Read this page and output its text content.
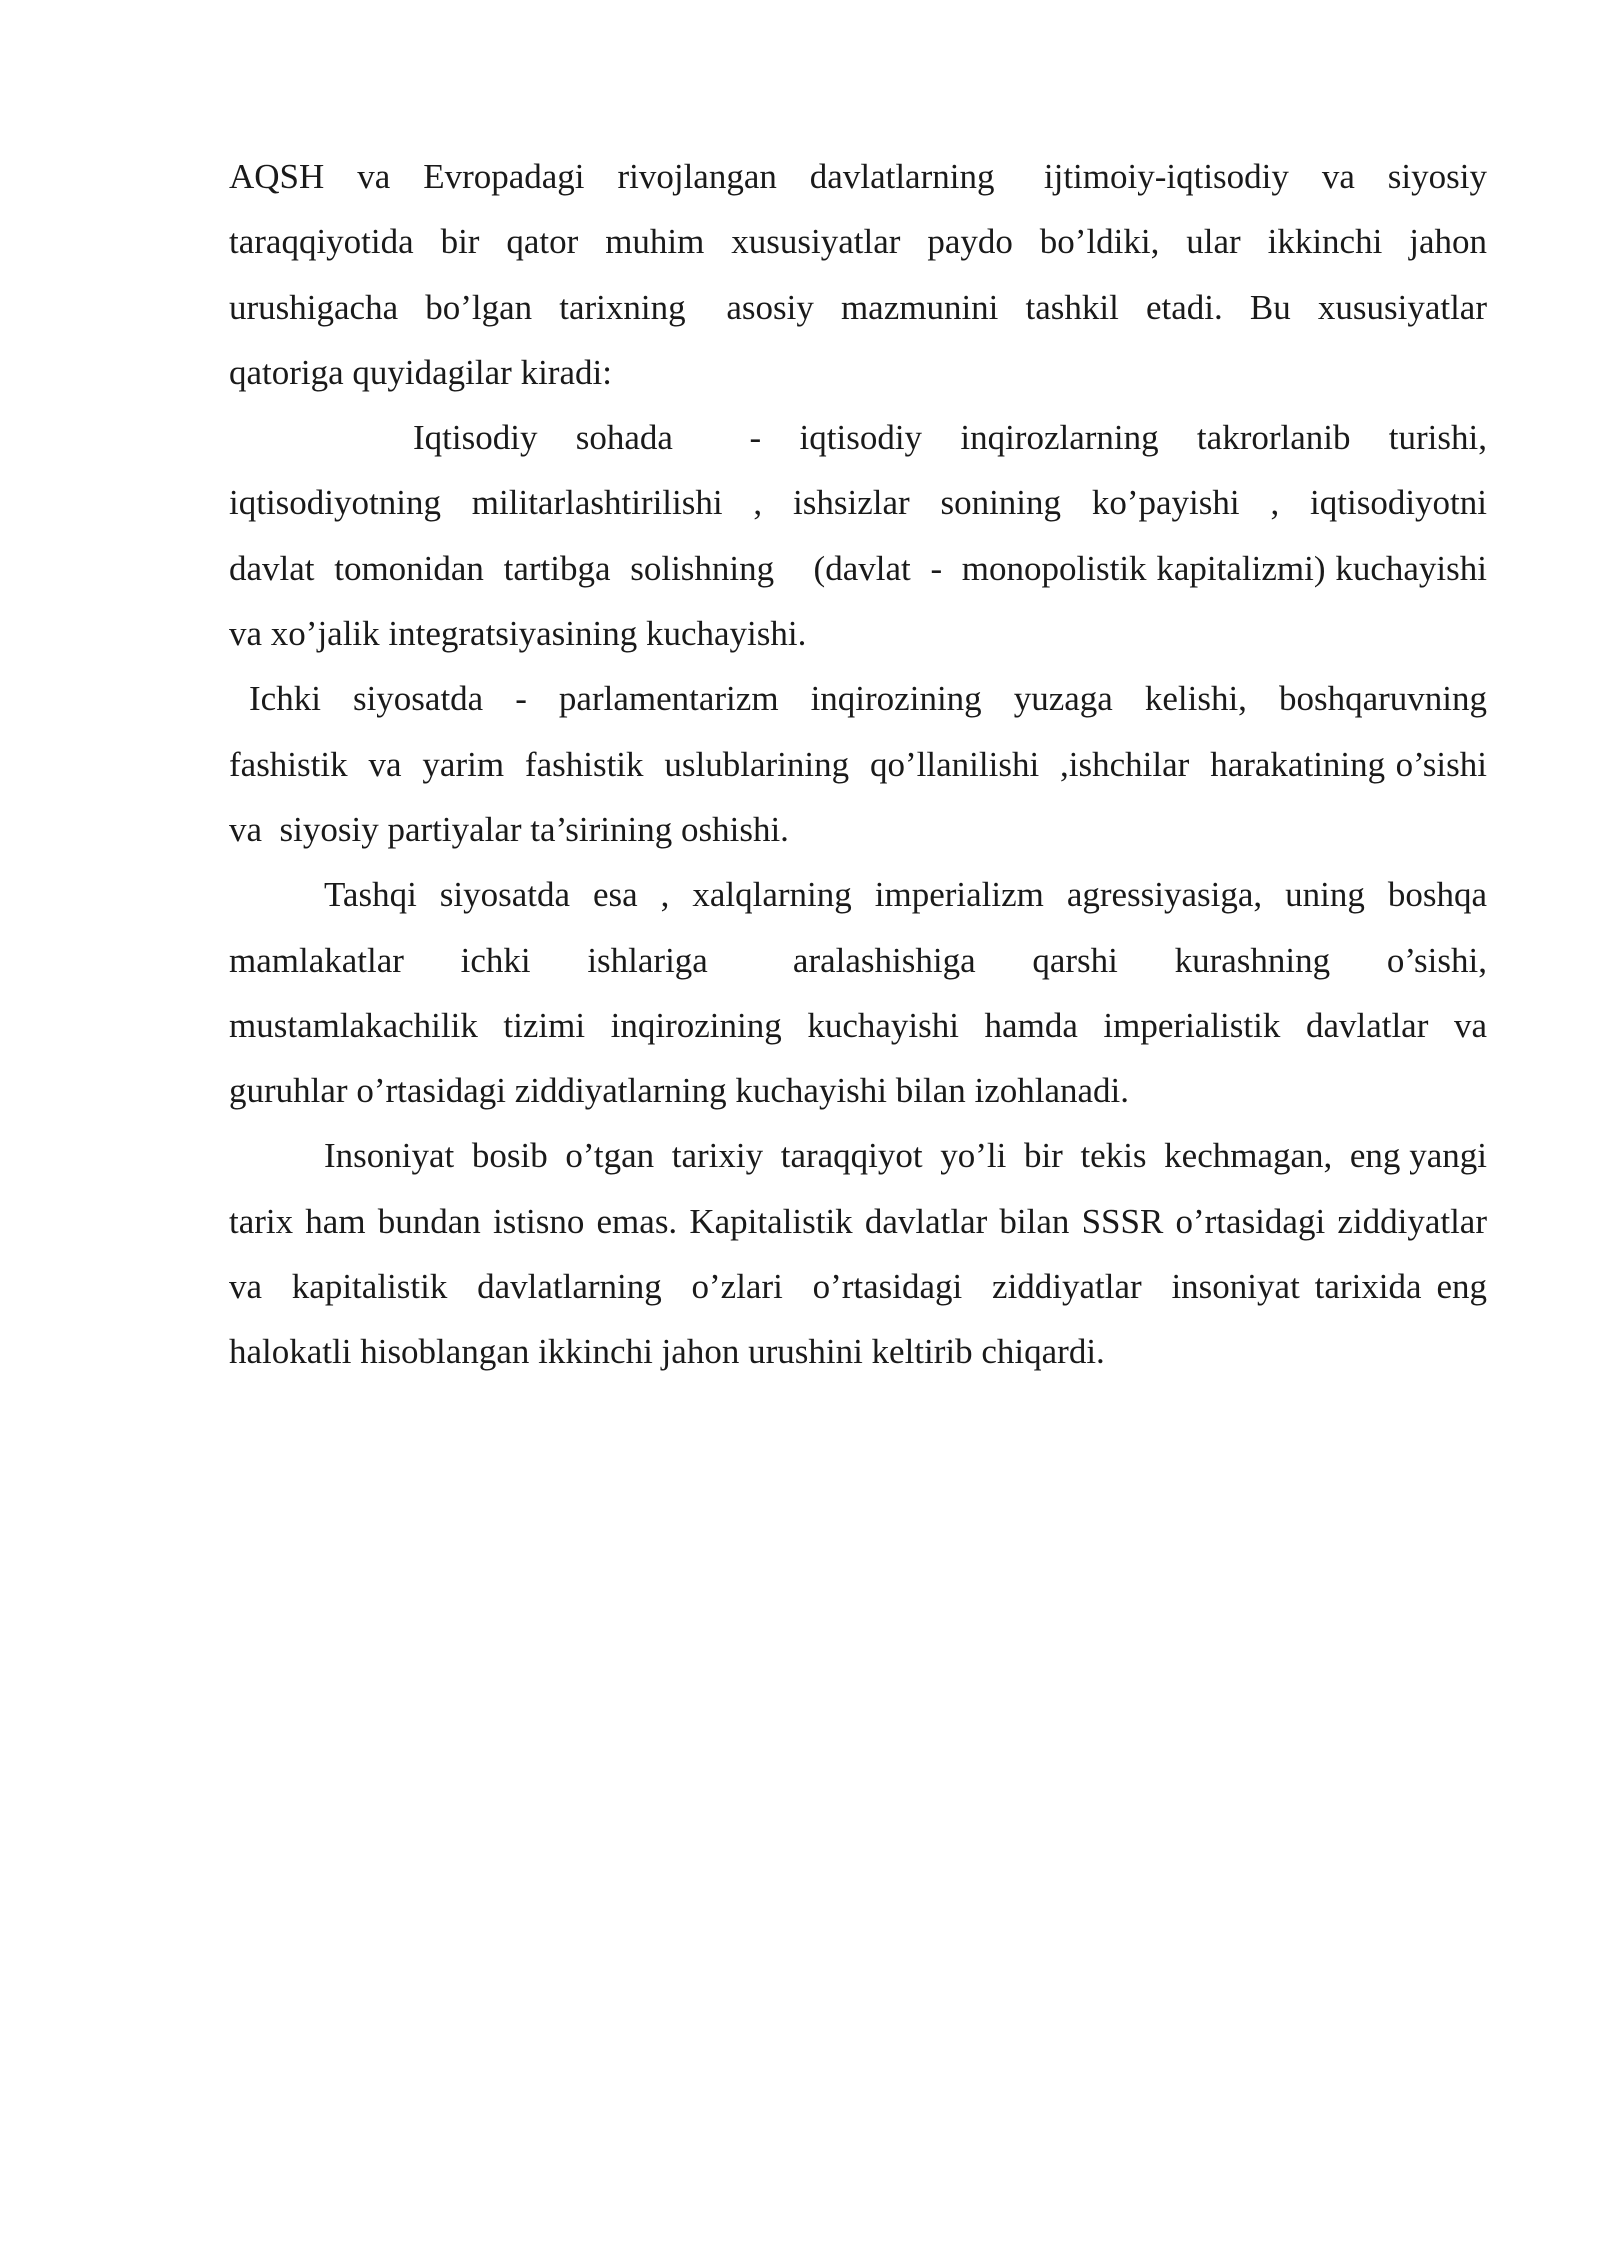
AQSH  va  Evropadagi  rivojlangan  davlatlarning   ijtimoiy-iqtisodiy  va  siyosiy taraqqiyotida  bir  qator  muhim  xususiyatlar  paydo  bo’ldiki,  ular  ikkinchi  jahon urushigacha  bo’lgan  tarixning   asosiy  mazmunini  tashkil  etadi.  Bu  xususiyatlar qatoriga quyidagilar kiradi:

Iqtisodiy  sohada    -  iqtisodiy  inqirozlarning  takrorlanib  turishi, iqtisodiyotning  militarlashtirilishi  ,  ishsizlar  sonining  ko’payishi  ,  iqtisodiyotni davlat  tomonidan  tartibga  solishning    (davlat  -  monopolistik kapitalizmi) kuchayishi va xo’jalik integratsiyasining kuchayishi.

Ichki  siyosatda  -  parlamentarizm  inqirozining  yuzaga  kelishi,  boshqaruvning fashistik  va  yarim  fashistik  uslublarining  qo’llanilishi  ,ishchilar  harakatining o’sishi va  siyosiy partiyalar ta’sirining oshishi.

Tashqi siyosatda esa , xalqlarning imperializm agressiyasiga, uning boshqa mamlakatlar  ichki  ishlariga   aralashishiga  qarshi  kurashning  o’sishi, mustamlakachilik tizimi inqirozining kuchayishi hamda imperialistik davlatlar va guruhlar o’rtasidagi ziddiyatlarning kuchayishi bilan izohlanadi.

Insoniyat  bosib  o’tgan  tarixiy  taraqqiyot  yo’li  bir  tekis  kechmagan,  eng yangi tarix ham bundan istisno emas. Kapitalistik davlatlar bilan SSSR o’rtasidagi ziddiyatlar  va  kapitalistik  davlatlarning  o’zlari  o’rtasidagi  ziddiyatlar  insoniyat tarixida eng halokatli hisoblangan ikkinchi jahon urushini keltirib chiqardi.
